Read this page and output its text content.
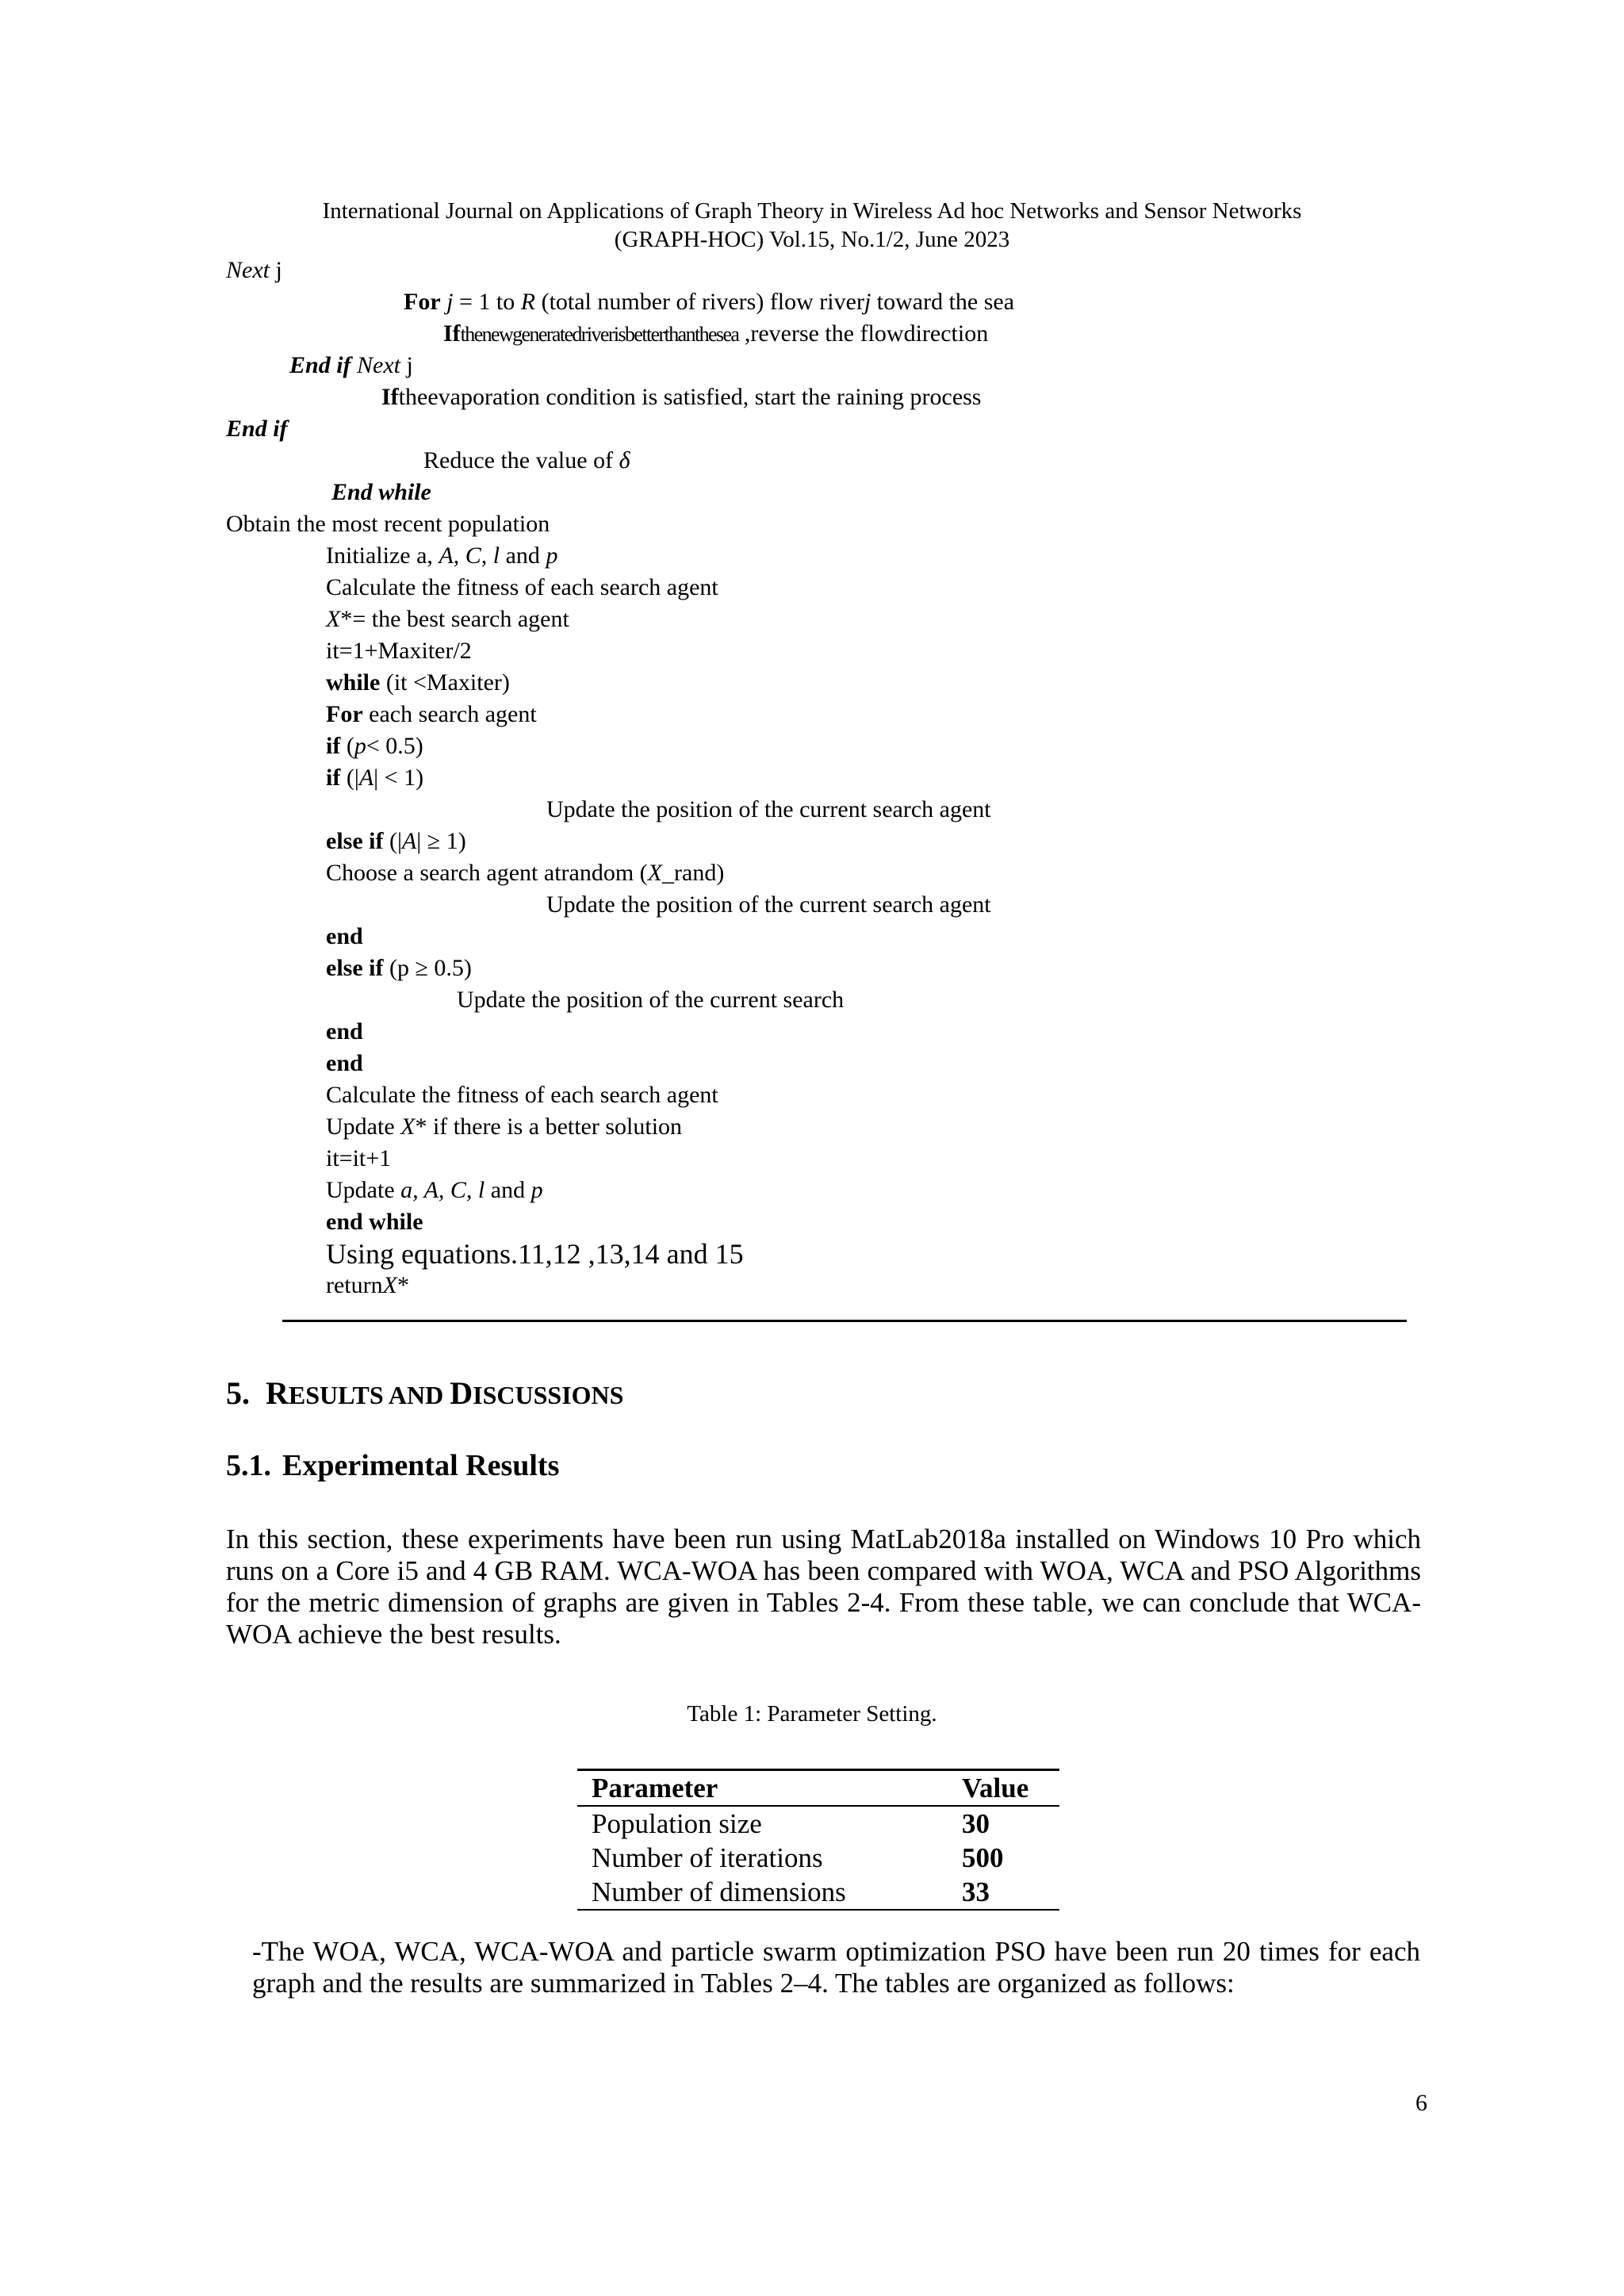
International Journal on Applications of Graph Theory in Wireless Ad hoc Networks and Sensor Networks
(GRAPH-HOC) Vol.15, No.1/2, June 2023
Next j
For j = 1 to R (total number of rivers) flow riverj toward the sea
Ifthenewgeneratedriverisbetterthanthesea ,reverse the flowdirection
End if Next j
Iftheevaporation condition is satisfied, start the raining process
End if
Reduce the value of δ
End while
Obtain the most recent population
Initialize a, A, C, l and p
Calculate the fitness of each search agent
X*= the best search agent
it=1+Maxiter/2
while (it <Maxiter)
For each search agent
if (p< 0.5)
if (|A| < 1)
Update the position of the current search agent
else if (|A| ≥ 1)
Choose a search agent atrandom (X_rand)
Update the position of the current search agent
end
else if (p ≥ 0.5)
Update the position of the current search
end
end
Calculate the fitness of each search agent
Update X* if there is a better solution
it=it+1
Update a, A, C, l and p
end while
Using equations.11,12 ,13,14 and 15
returnX*
5. RESULTS AND DISCUSSIONS
5.1. Experimental Results
In this section, these experiments have been run using MatLab2018a installed on Windows 10 Pro which runs on a Core i5 and 4 GB RAM. WCA-WOA has been compared with WOA, WCA and PSO Algorithms for the metric dimension of graphs are given in Tables 2-4. From these table, we can conclude that WCA-WOA achieve the best results.
Table 1: Parameter Setting.
Parameter	Value
Population size	30
Number of iterations	500
Number of dimensions	33
-The WOA, WCA, WCA-WOA and particle swarm optimization PSO have been run 20 times for each graph and the results are summarized in Tables 2–4. The tables are organized as follows:
6
